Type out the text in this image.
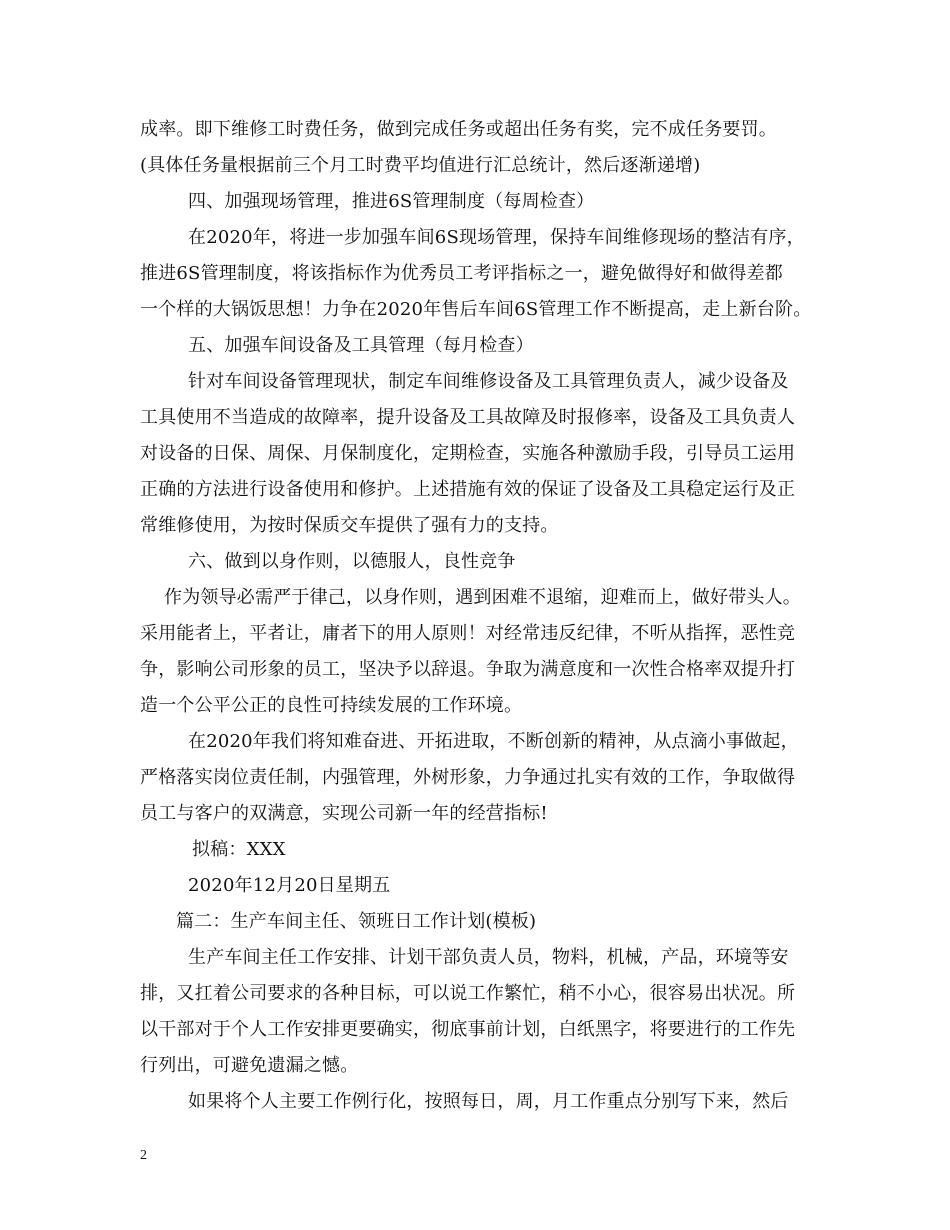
成率。即下维修工时费任务，做到完成任务或超出任务有奖，完不成任务要罚。
(具体任务量根据前三个月工时费平均值进行汇总统计，然后逐渐递增)
四、加强现场管理，推进6S管理制度（每周检查）
在2020年，将进一步加强车间6S现场管理，保持车间维修现场的整洁有序，
推进6S管理制度，将该指标作为优秀员工考评指标之一，避免做得好和做得差都
一个样的大锅饭思想！力争在2020年售后车间6S管理工作不断提高，走上新台阶。
五、加强车间设备及工具管理（每月检查）
针对车间设备管理现状，制定车间维修设备及工具管理负责人，减少设备及
工具使用不当造成的故障率，提升设备及工具故障及时报修率，设备及工具负责人
对设备的日保、周保、月保制度化，定期检查，实施各种激励手段，引导员工运用
正确的方法进行设备使用和修护。上述措施有效的保证了设备及工具稳定运行及正
常维修使用，为按时保质交车提供了强有力的支持。
六、做到以身作则，以德服人，良性竞争
作为领导必需严于律己，以身作则，遇到困难不退缩，迎难而上，做好带头人。
采用能者上，平者让，庸者下的用人原则！对经常违反纪律，不听从指挥，恶性竞
争，影响公司形象的员工，坚决予以辞退。争取为满意度和一次性合格率双提升打
造一个公平公正的良性可持续发展的工作环境。
在2020年我们将知难奋进、开拓进取，不断创新的精神，从点滴小事做起，
严格落实岗位责任制，内强管理，外树形象，力争通过扎实有效的工作，争取做得
员工与客户的双满意，实现公司新一年的经营指标!
拟稿：XXX
2020年12月20日星期五
篇二：生产车间主任、领班日工作计划(模板)
生产车间主任工作安排、计划干部负责人员，物料，机械，产品，环境等安
排，又扛着公司要求的各种目标，可以说工作繁忙，稍不小心，很容易出状况。所
以干部对于个人工作安排更要确实，彻底事前计划，白纸黑字，将要进行的工作先
行列出，可避免遗漏之憾。
如果将个人主要工作例行化，按照每日，周，月工作重点分别写下来，然后
2
